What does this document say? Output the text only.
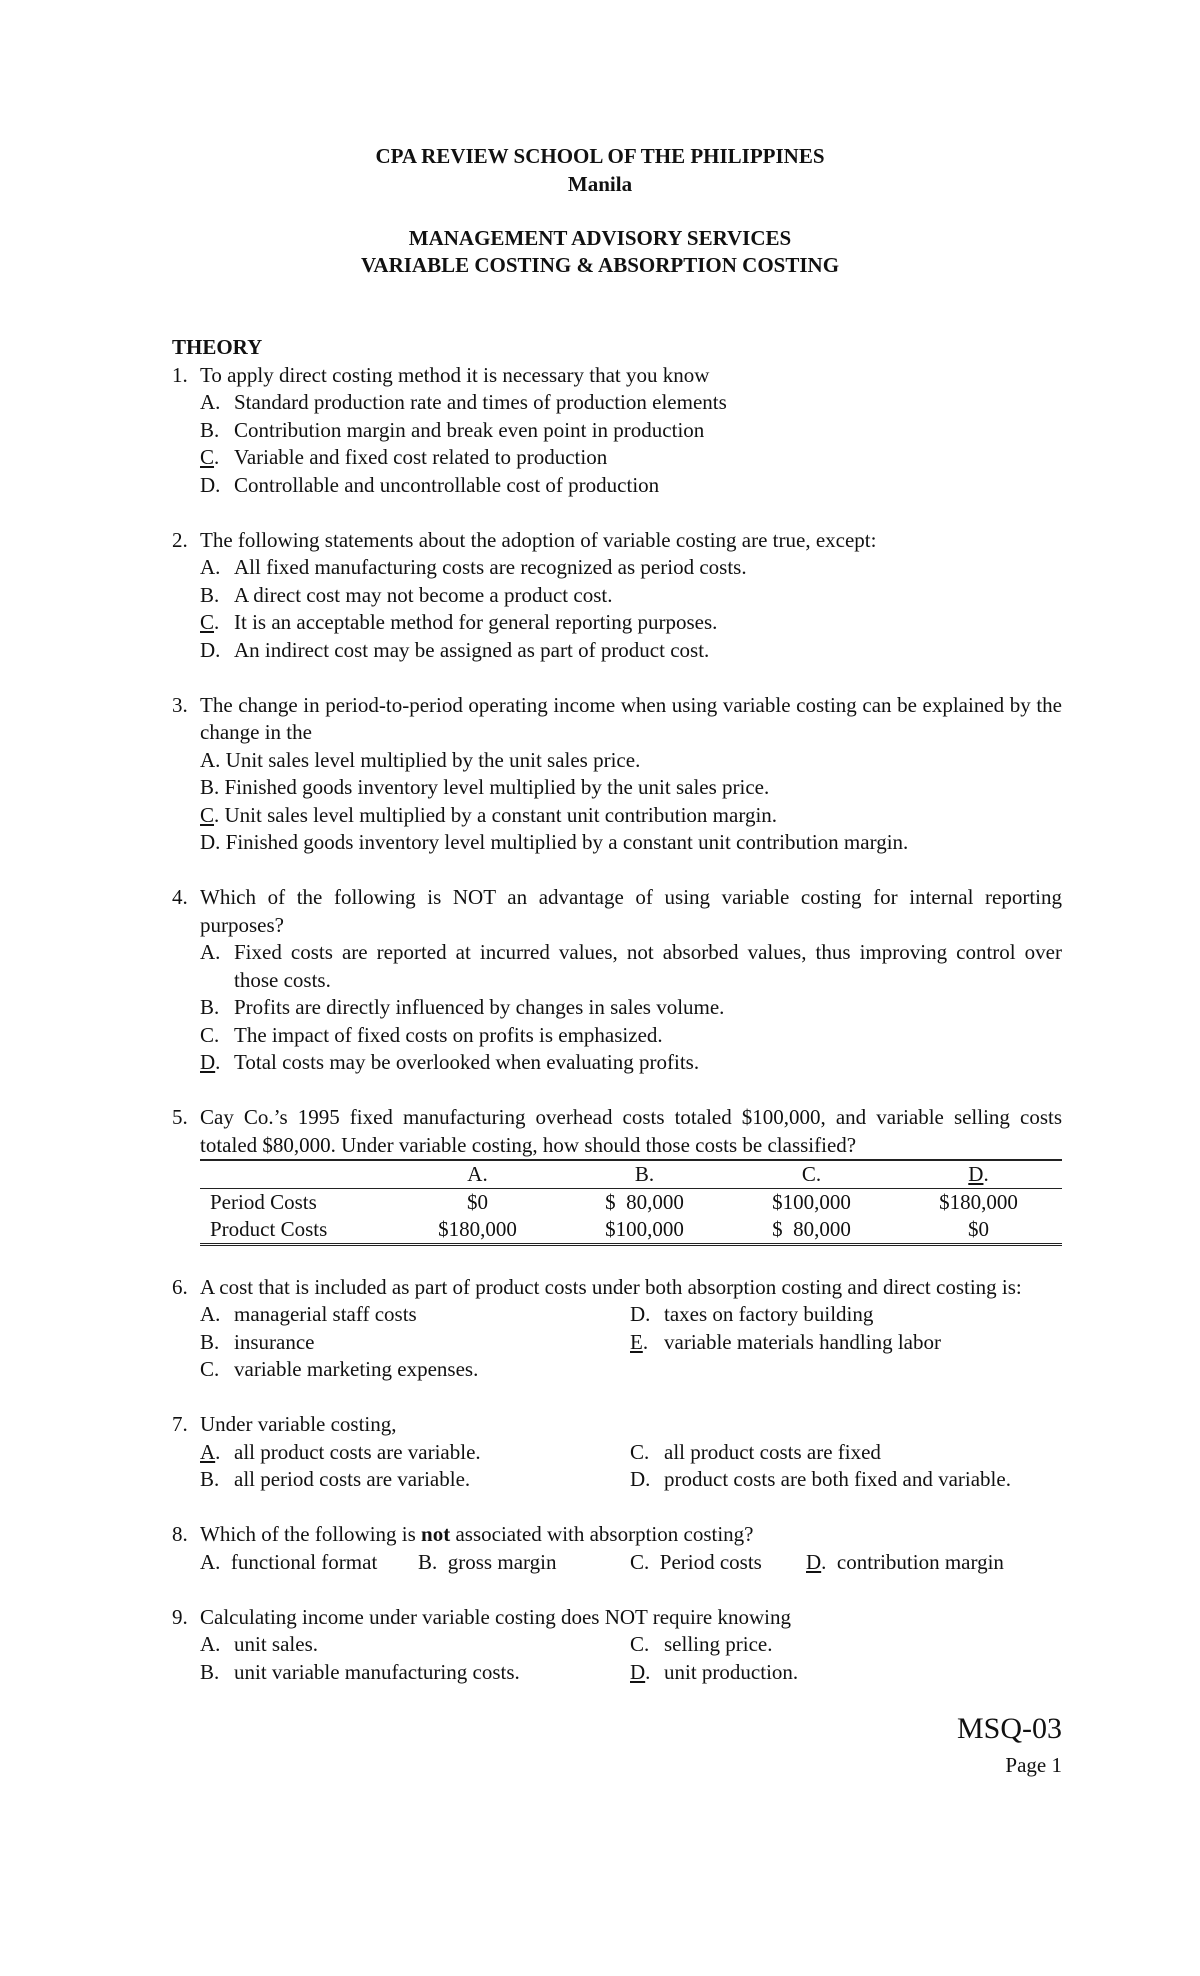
CPA REVIEW SCHOOL OF THE PHILIPPINES
Manila
MANAGEMENT ADVISORY SERVICES
VARIABLE COSTING & ABSORPTION COSTING

THEORY

1. To apply direct costing method it is necessary that you know
A. Standard production rate and times of production elements
B. Contribution margin and break even point in production
C. Variable and fixed cost related to production
D. Controllable and uncontrollable cost of production
2. The following statements about the adoption of variable costing are true, except:
A. All fixed manufacturing costs are recognized as period costs.
B. A direct cost may not become a product cost.
C. It is an acceptable method for general reporting purposes.
D. An indirect cost may be assigned as part of product cost.
3. The change in period-to-period operating income when using variable costing can be explained by the change in the
A. Unit sales level multiplied by the unit sales price.
B. Finished goods inventory level multiplied by the unit sales price.
C. Unit sales level multiplied by a constant unit contribution margin.
D. Finished goods inventory level multiplied by a constant unit contribution margin.
4. Which of the following is NOT an advantage of using variable costing for internal reporting purposes?
A. Fixed costs are reported at incurred values, not absorbed values, thus improving control over those costs.
B. Profits are directly influenced by changes in sales volume.
C. The impact of fixed costs on profits is emphasized.
D. Total costs may be overlooked when evaluating profits.
5. Cay Co.’s 1995 fixed manufacturing overhead costs totaled $100,000, and variable selling costs totaled $80,000. Under variable costing, how should those costs be classified?
	A.	B.	C.	D.
Period Costs	$0	$  80,000	$100,000	$180,000
Product Costs	$180,000	$100,000	$  80,000	$0
6. A cost that is included as part of product costs under both absorption costing and direct costing is:
A. managerial staff costs	D. taxes on factory building
B. insurance	E. variable materials handling labor
C. variable marketing expenses.
7. Under variable costing,
A. all product costs are variable.	C. all product costs are fixed
B. all period costs are variable.	D. product costs are both fixed and variable.
8. Which of the following is not associated with absorption costing?
A.  functional format	B.  gross margin	C.  Period costs	D.  contribution margin
9. Calculating income under variable costing does NOT require knowing
A. unit sales.	C. selling price.
B. unit variable manufacturing costs.	D. unit production.
MSQ-03
Page 1
